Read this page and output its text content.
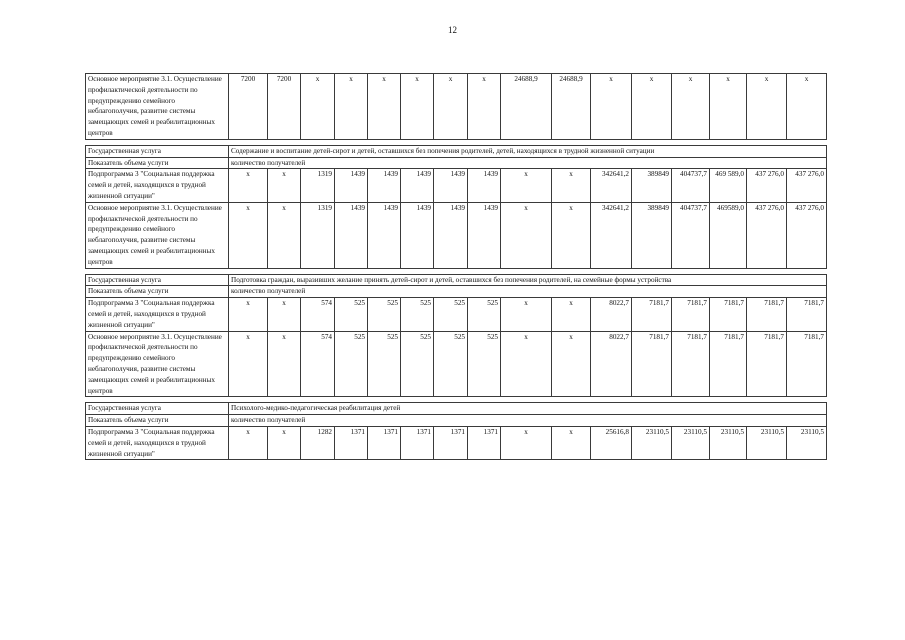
12
Основное мероприятие 3.1. Осуществление профилактической деятельности по предупреждению семейного неблагополучия, развитие системы замещающих семей и реабилитационных центров	7200	7200	х	х	х	х	х	х	24688,9	24688,9	х	х	х	х	х	х

Государственная услуга	Содержание и воспитание детей-сирот и детей, оставшихся без попечения родителей, детей, находящихся в трудной жизненной ситуации															
Показатель объема услуги	количество получателей															
Подпрограмма 3 "Социальная поддержка семей и детей, находящихся в трудной жизненной ситуации"	х	х	1319	1439	1439	1439	1439	1439	х	х	342641,2	389849	404737,7	469 589,0	437 276,0	437 276,0
Основное мероприятие 3.1. Осуществление профилактической деятельности по предупреждению семейного неблагополучия, развитие системы замещающих семей и реабилитационных центров	х	х	1319	1439	1439	1439	1439	1439	х	х	342641,2	389849	404737,7	469589,0	437 276,0	437 276,0

Государственная услуга	Подготовка граждан, выразивших желание принять детей-сирот и детей, оставшихся без попечения родителей, на семейные формы устройства															
Показатель объема услуги	количество получателей															
Подпрограмма 3 "Социальная поддержка семей и детей, находящихся в трудной жизненной ситуации"	х	х	574	525	525	525	525	525	х	х	8022,7	7181,7	7181,7	7181,7	7181,7	7181,7
Основное мероприятие 3.1. Осуществление профилактической деятельности по предупреждению семейного неблагополучия, развитие системы замещающих семей и реабилитационных центров	х	х	574	525	525	525	525	525	х	х	8022,7	7181,7	7181,7	7181,7	7181,7	7181,7

Государственная услуга	Психолого-медико-педагогическая реабилитация детей															
Показатель объема услуги	количество получателей															
Подпрограмма 3 "Социальная поддержка семей и детей, находящихся в трудной жизненной ситуации"	х	х	1282	1371	1371	1371	1371	1371	х	х	25616,8	23110,5	23110,5	23110,5	23110,5	23110,5
